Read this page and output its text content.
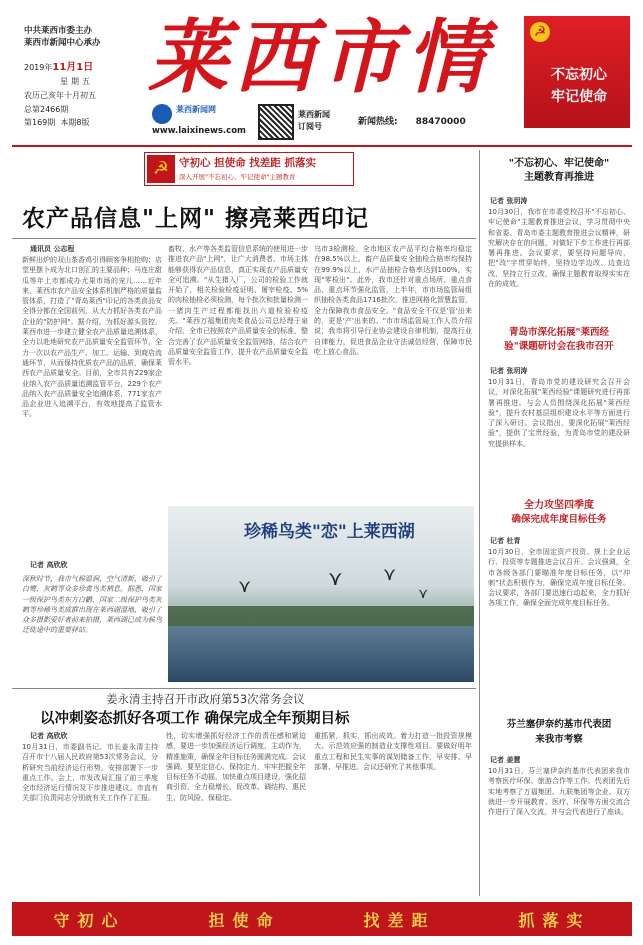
中共莱西市委主办
莱西市新闻中心承办
2019年11月1日
星期五
农历己亥年十月初五
总第2466期
第169期 本期8版
莱西市情
莱西新闻网
www.laixinews.com
莱西新闻
订阅号	新闻热线: 88470000
☭
不忘初心
牢记使命
☭ 守初心 担使命 找差距 抓落实
深入开展"不忘初心、牢记使命"主题教育
农产品信息"上网" 擦亮莱西印记
通讯员 公志程
新鲜出炉的双山茶香鸡引得顾客争相抢购；店堂里摆卜成为北口创汇的主要品种；马连庄甜瓜等年上市都成办尤果市场的宠儿……近年来，莱西市农产品安全体系机制严格的质量监管体系，打造了"青岛莱西"印记的各类食品安全得分都在全国前列，从大力抓好各类农产品企业的"防护网"。据介绍，为抓好源头管控，莱西市进一步建立健全农产品质量追溯体系，全力以赴地研究农产品质量安全监管环节，全力一次以农产品生产、加工、运输、到商店流通环节，从而保持优质农产品的品质，确保莱西农产品质量安全。目前，全市共有229家企业纳入农产品质量追溯监管平台，229个农产品纳入农产品质量安全追溯体系，771家农产品企业进入追溯平台，有效地提高了监管水平。
畜牧、水产等各类监管信息系统的使用进一步推进农产品"上网"，让广大消费者、市场主体能够获得农产品信息，真正实现农产品质量安全可追溯。"从生猪入厂，公司的检验工作就开始了，相关检验检疫证明、屠宰检疫、5%的肉检抽检必须检测，每个批次和批量检测一一猪肉生产过程都能找出六道检验检疫关。"莱西万福集团肉类食品公司总经理于泉介绍，全市已按照农产品质量安全的标准，整合完善了农产品质量安全监管网络，结合农产品质量安全监管工作，提升农产品质量安全监管水平。
乌市3检测检。全市地区农产品平均合格率均稳定在98.5%以上，畜产品质量安全抽检合格率均保持在99.9%以上，水产品抽检合格率达到100%，实现"零检出"。此外，我市还针对重点场所、重点食品、重点环节强化监管，上半年，市市场监管局组织抽检各类食品1716批次，推进网格化智慧监管，全力保障我市食品安全。"食品安全不仅是'管'出来的，更是'产'出来的。"市市场监管局工作人员介绍说，我市将引导行业协会建设自律机制，提高行业自律能力，促进食品企业守法诚信经营，保障市民吃上放心食品。
⋎	⋎ ⋎
⋎
珍稀鸟类"恋"上莱西湖
记者 高欣欣
深秋时节，我市气候温润、空气清新，吸引了白鹭、灰鹤等众多珍禽鸟类栖息。据悉，国家一级保护鸟类东方白鹳、国家二级保护鸟类灰鹤等珍稀鸟类成群出现在莱西湖湿地，吸引了众多摄影爱好者前来拍摄，莱西湖已成为候鸟迁徙途中的重要驿站。
姜永清主持召开市政府第53次常务会议
以冲刺姿态抓好各项工作 确保完成全年预期目标
记者 高欣欣
10月31日，市委副书记、市长姜永清主持召开市十八届人民政府第53次常务会议，分析研究当前经济运行形势，安排部署下一步重点工作。会上，市发改局汇报了前三季度全市经济运行情况及下步推进建议。市直有关部门负责同志分别就有关工作作了汇报。
性，切实增强抓好经济工作的责任感和紧迫感，要进一步加强经济运行调度，主动作为，精准施策，确保全年目标任务圆满完成。会议强调，要坚定信心、保持定力，牢牢把握全年目标任务不动摇，加快重点项目建设，强化招商引资，全力稳增长、促改革、调结构、惠民生、防风险、保稳定。
重抓紧，抓实，抓出成效。着力打造一批投资规模大、示范效应强的制造业支撑性项目。要做好明年重点工程和民生实事的谋划储备工作，早安排、早部署、早推进。会议还研究了其他事项。
"不忘初心、牢记使命"
主题教育再推进
记者 张玥涛
10月30日，我市在市委党校召开"不忘初心、牢记使命"主题教育推进会议，学习贯彻中央和省委、青岛市委主题教育推进会议精神，研究解决存在的问题，对做好下步工作进行再部署再推进。会议要求，要坚持问题导向，把"改"字贯穿始终，坚持边学边改、边查边改，坚持立行立改，确保主题教育取得实实在在的成效。
青岛市深化拓展"莱西经
验"课题研讨会在我市召开
记者 张玥涛
10月31日，青岛市党的建设研究会召开会议，对深化拓展"莱西经验"课题研究进行再部署再推进。与会人员围绕深化拓展"莱西经验"，提升农村基层组织建设水平等方面进行了深入研讨。会议指出，要深化拓展"莱西经验"，提供了宝贵经验，为青岛市党的建设研究提供样本。
全力攻坚四季度
确保完成年度目标任务
记者 杜青
10月30日，全市固定资产投资、规上企业运行、投资等专题推进会议召开。会议强调，全市各级各部门要瞄准年度目标任务，以"冲刺"状态积极作为，确保完成年度目标任务。会议要求，各部门要迅速行动起来，全力抓好各项工作，确保全面完成年度目标任务。
芬兰塞伊奈约基市代表团
来我市考察
记者 姜慧
10月31日，芬兰塞伊奈约基市代表团来我市考察医疗环保、旅游合作等工作。代表团先后实地考察了万福集团、九联集团等企业。双方就进一步开展教育、医疗、环保等方面交流合作进行了深入交流，并与会代表进行了座谈。
守初心	担使命	找差距	抓落实
